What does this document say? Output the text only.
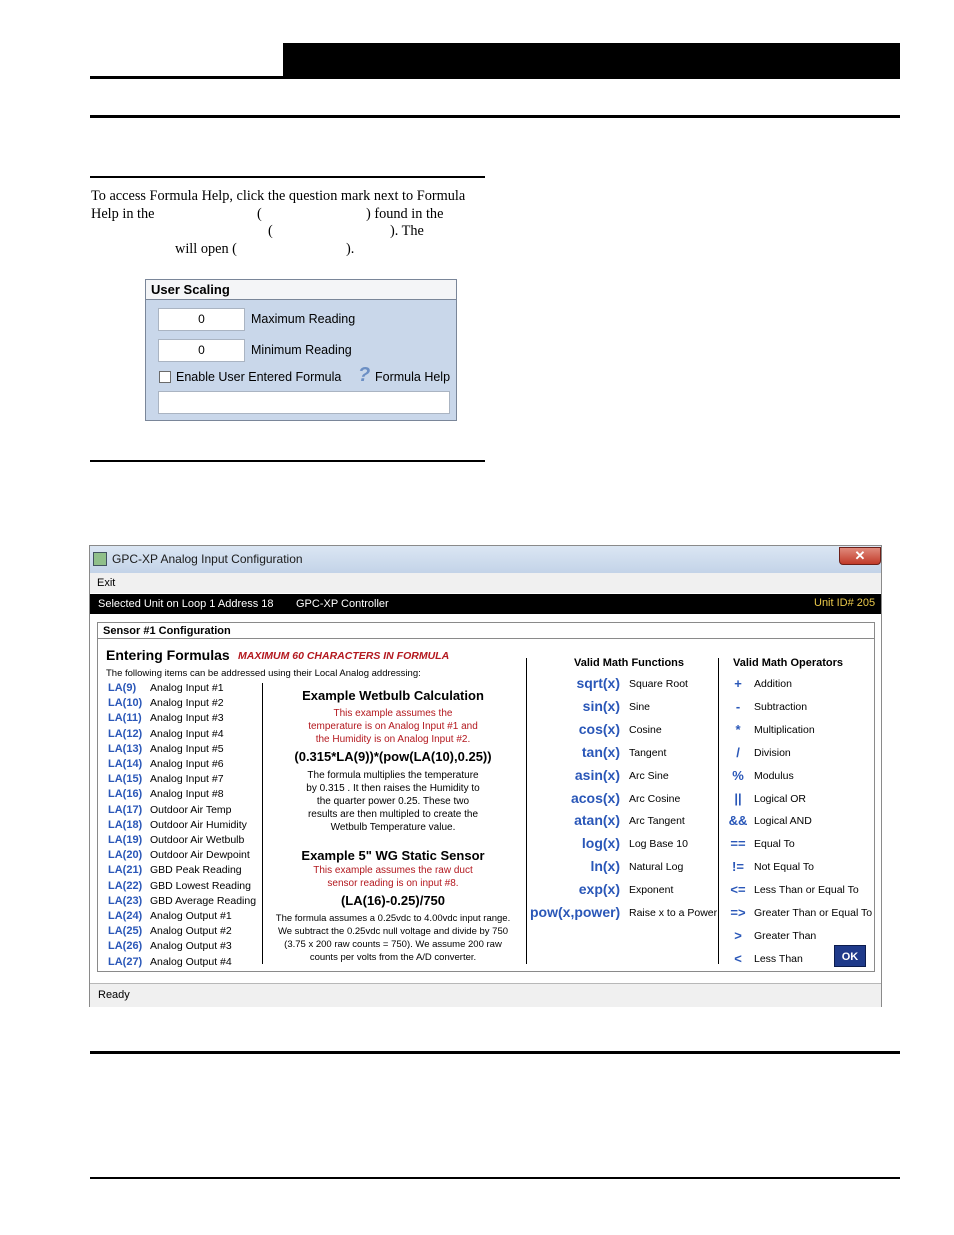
To access Formula Help, click the question mark next to Formula
Help in the	(	) found in the
(	). The
will open (	).
User Scaling
0	Maximum Reading
0	Minimum Reading
Enable User Entered Formula ? Formula Help
GPC-XP Analog Input Configuration	✕
Exit
Selected Unit on Loop 1 Address 18 GPC-XP Controller	Unit ID# 205
Sensor #1 Configuration
Entering Formulas MAXIMUM 60 CHARACTERS IN FORMULA
The following items can be addressed using their Local Analog addressing:
Example Wetbulb Calculation
This example assumes the
temperature is on Analog Input #1 and
the Humidity is on Analog Input #2.
(0.315*LA(9))*(pow(LA(10),0.25))
The formula multiplies the temperature
by 0.315 . It then raises the Humidity to
the quarter power 0.25. These two
results are then multipled to create the
Wetbulb Temperature value.
Example 5" WG Static Sensor
This example assumes the raw duct
sensor reading is on input #8.
(LA(16)-0.25)/750
The formula assumes a 0.25vdc to 4.00vdc input range.
We subtract the 0.25vdc null voltage and divide by 750
(3.75 x 200 raw counts = 750). We assume 200 raw
counts per volts from the A/D converter.
Valid Math Functions	Valid Math Operators
OK
LA(9) Analog Input #1
LA(10) Analog Input #2
LA(11) Analog Input #3
LA(12) Analog Input #4
LA(13) Analog Input #5
LA(14) Analog Input #6
LA(15) Analog Input #7
LA(16) Analog Input #8
LA(17) Outdoor Air Temp
LA(18) Outdoor Air Humidity
LA(19) Outdoor Air Wetbulb
LA(20) Outdoor Air Dewpoint
LA(21) GBD Peak Reading
LA(22) GBD Lowest Reading
LA(23) GBD Average Reading
LA(24) Analog Output #1
LA(25) Analog Output #2
LA(26) Analog Output #3
LA(27) Analog Output #4
sqrt(x) Square Root
sin(x) Sine
cos(x) Cosine
tan(x) Tangent
asin(x) Arc Sine
acos(x) Arc Cosine
atan(x) Arc Tangent
log(x) Log Base 10
ln(x) Natural Log
exp(x) Exponent
pow(x,power) Raise x to a Power
+	Addition
-	Subtraction
*	Multiplication
/	Division
% Modulus
||	Logical OR
&& Logical AND
== Equal To
!= Not Equal To
<= Less Than or Equal To
=> Greater Than or Equal To
>	Greater Than
<	Less Than
Ready
